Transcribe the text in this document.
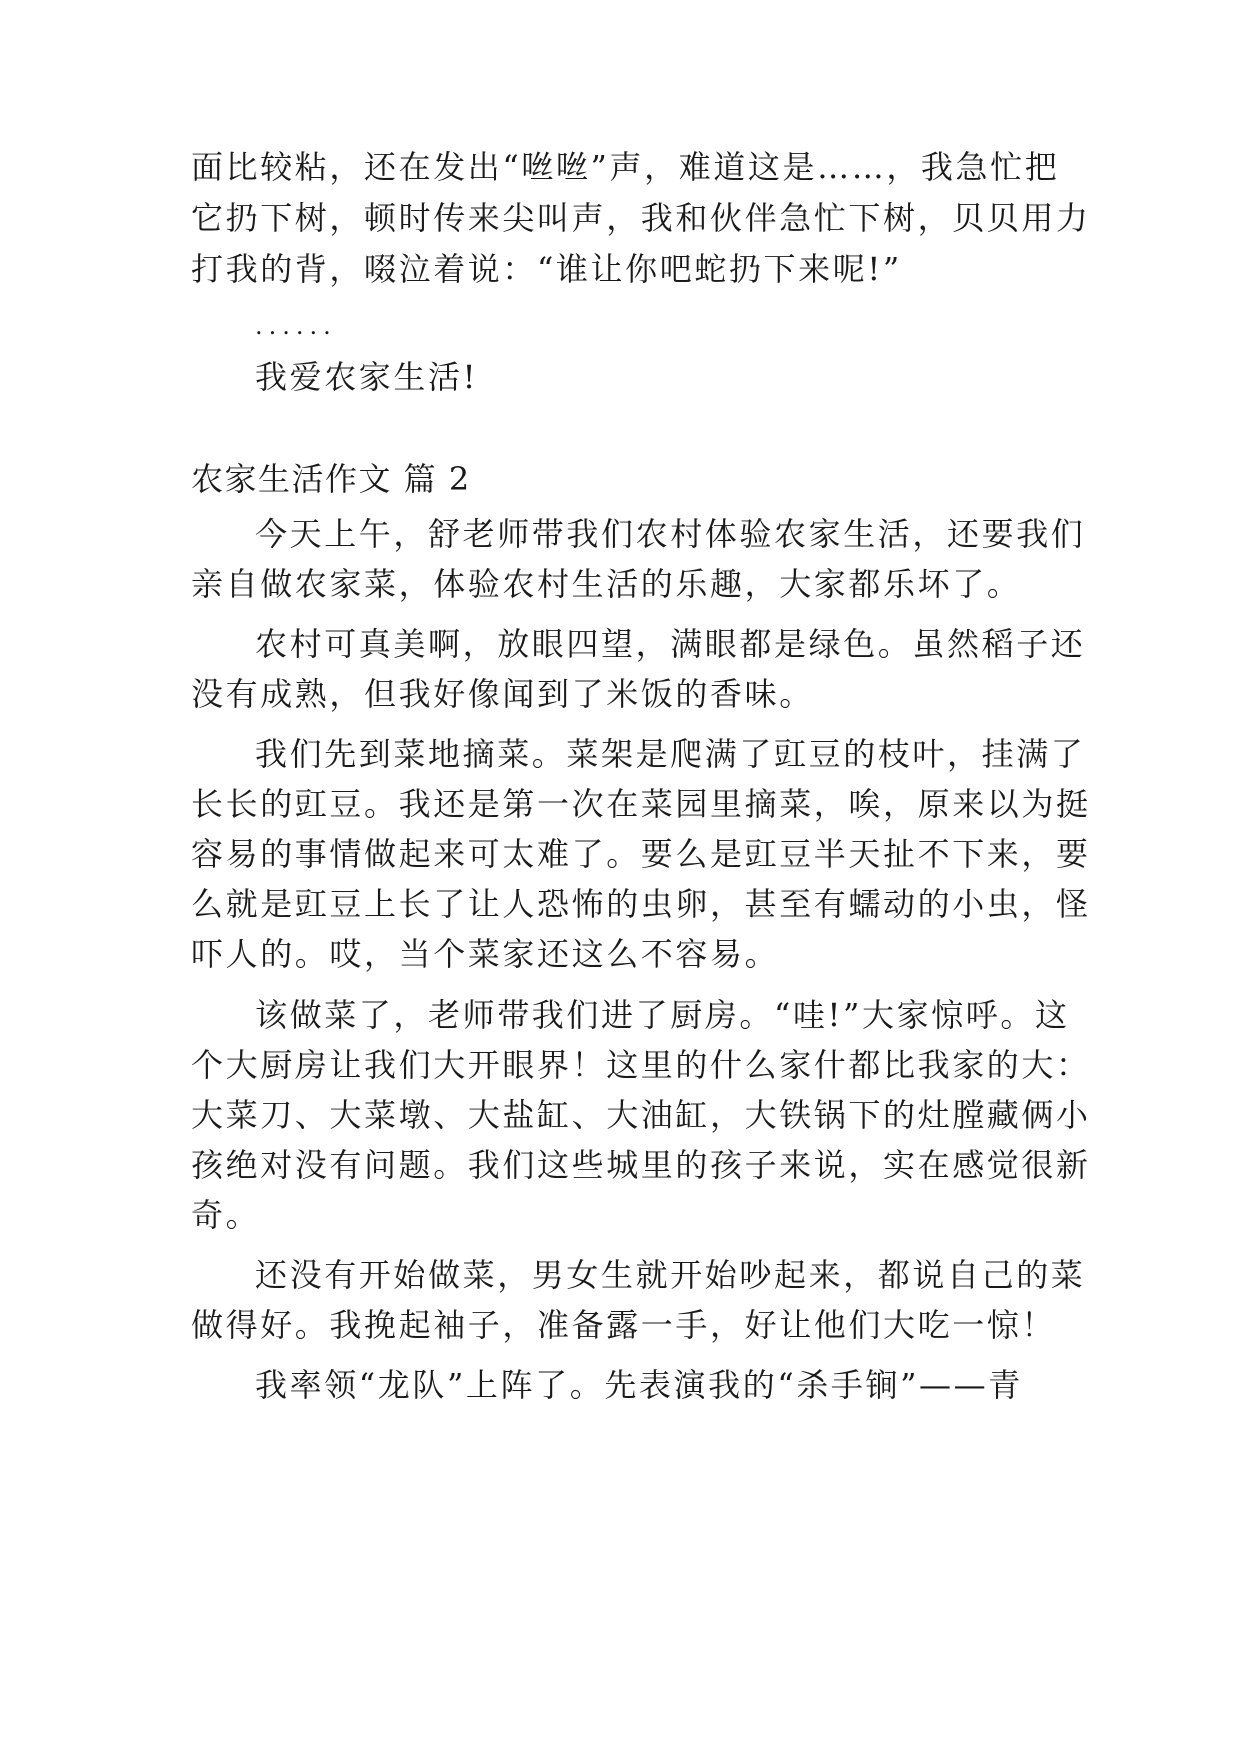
面比较粘，还在发出“咝咝”声，难道这是……，我急忙把
它扔下树，顿时传来尖叫声，我和伙伴急忙下树，贝贝用力
打我的背，啜泣着说：“谁让你吧蛇扔下来呢!”
......
我爱农家生活!
农家生活作文 篇 2
今天上午，舒老师带我们农村体验农家生活，还要我们
亲自做农家菜，体验农村生活的乐趣，大家都乐坏了。
农村可真美啊，放眼四望，满眼都是绿色。虽然稻子还
没有成熟，但我好像闻到了米饭的香味。
我们先到菜地摘菜。菜架是爬满了豇豆的枝叶，挂满了
长长的豇豆。我还是第一次在菜园里摘菜，唉，原来以为挺
容易的事情做起来可太难了。要么是豇豆半天扯不下来，要
么就是豇豆上长了让人恐怖的虫卵，甚至有蠕动的小虫，怪
吓人的。哎，当个菜家还这么不容易。
该做菜了，老师带我们进了厨房。“哇!”大家惊呼。这
个大厨房让我们大开眼界！这里的什么家什都比我家的大：
大菜刀、大菜墩、大盐缸、大油缸，大铁锅下的灶膛藏俩小
孩绝对没有问题。我们这些城里的孩子来说，实在感觉很新
奇。
还没有开始做菜，男女生就开始吵起来，都说自己的菜
做得好。我挽起袖子，准备露一手，好让他们大吃一惊！
我率领“龙队”上阵了。先表演我的“杀手锏”——青
